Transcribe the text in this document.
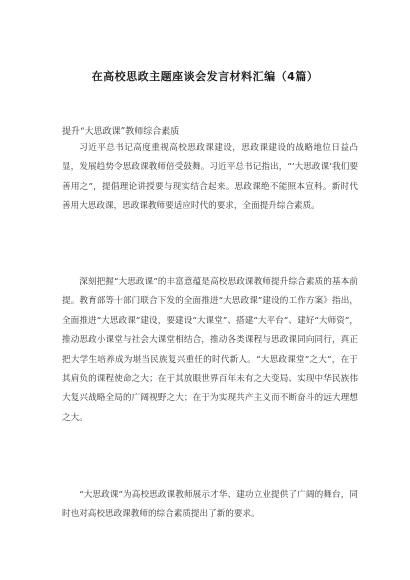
在高校思政主题座谈会发言材料汇编（4篇）
提升“大思政课”教师综合素质

习近平总书记高度重视高校思政课建设，思政课建设的战略地位日益凸显，发展趋势令思政课教师倍受鼓舞。习近平总书记指出，“‘大思政课’我们要善用之”，提倡理论讲授要与现实结合起来。思政课绝不能照本宣科。新时代善用大思政课，思政课教师要适应时代的要求，全面提升综合素质。

深刻把握“大思政课”的丰富意蕴是高校思政课教师提升综合素质的基本前提。教育部等十部门联合下发的全面推进“大思政课”建设的工作方案》指出，全面推进“大思政课”建设，要建设“大课堂”、搭建“大平台”、建好“大师资”，推动思政小课堂与社会大课堂相结合，推动各类课程与思政课同向同行，真正把大学生培养成为堪当民族复兴重任的时代新人。“大思政课堂”之大”，在于其肩负的课程使命之大；在于其放眼世界百年未有之大变局、实现中华民族伟大复兴战略全局的广阔视野之大；在于为实现共产主义而不断奋斗的远大理想之大。

“大思政课”为高校思政课教师展示才华、建功立业提供了广阔的舞台，同时也对高校思政课教师的综合素质提出了新的要求。
